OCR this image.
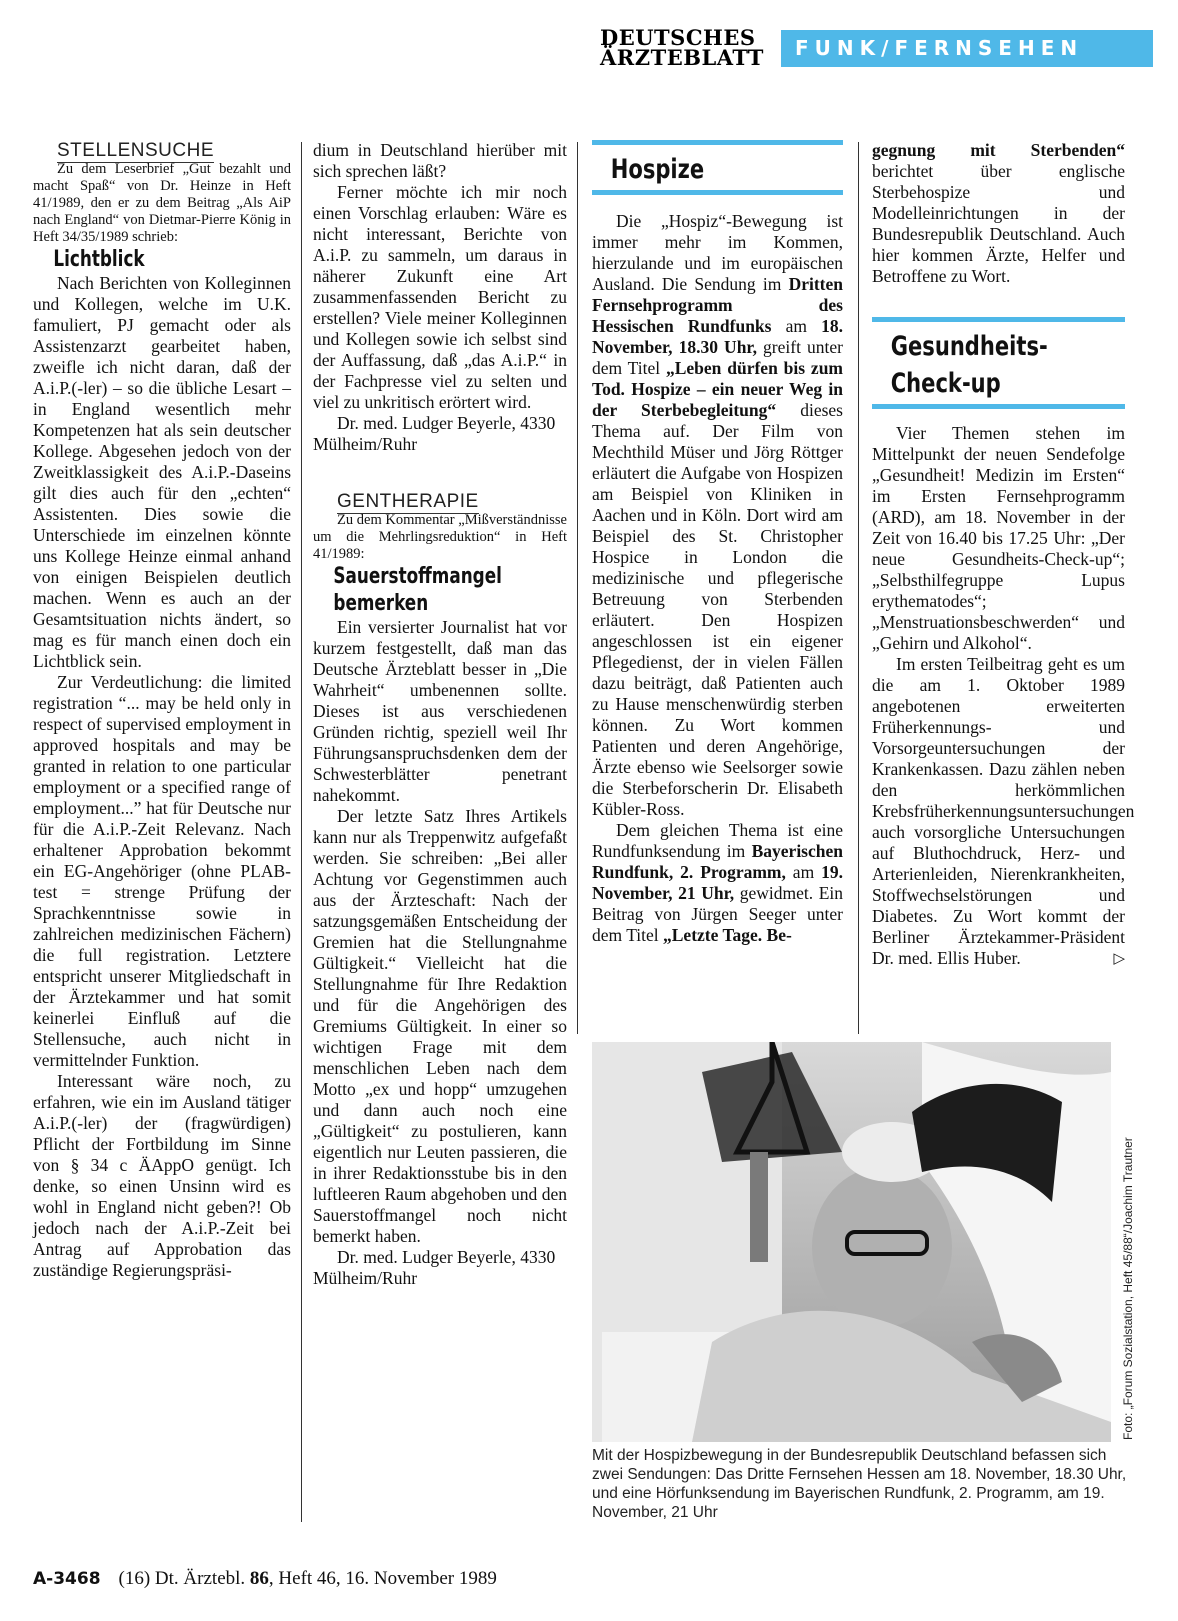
DEUTSCHES
ÄRZTEBLATT	FUNK/FERNSEHEN

STELLENSUCHE

Zu dem Leserbrief „Gut bezahlt und macht Spaß“ von Dr. Heinze in Heft 41/1989, den er zu dem Beitrag „Als AiP nach England“ von Dietmar-Pierre König in Heft 34/35/1989 schrieb:

Lichtblick

Nach Berichten von Kolleginnen und Kollegen, welche im U.K. famuliert, PJ gemacht oder als Assistenzarzt gearbeitet haben, zweifle ich nicht daran, daß der A.i.P.(-ler) – so die übliche Lesart – in England wesentlich mehr Kompetenzen hat als sein deutscher Kollege. Abgesehen jedoch von der Zweitklassigkeit des A.i.P.-Daseins gilt dies auch für den „echten“ Assistenten. Dies sowie die Unterschiede im einzelnen könnte uns Kollege Heinze einmal anhand von einigen Beispielen deutlich machen. Wenn es auch an der Gesamtsituation nichts ändert, so mag es für manch einen doch ein Lichtblick sein.

Zur Verdeutlichung: die limited registration “... may be held only in respect of supervised employment in approved hospitals and may be granted in relation to one particular employment or a specified range of employment...” hat für Deutsche nur für die A.i.P.-Zeit Relevanz. Nach erhaltener Approbation bekommt ein EG-Angehöriger (ohne PLAB-test = strenge Prüfung der Sprachkenntnisse sowie in zahlreichen medizinischen Fächern) die full registration. Letztere entspricht unserer Mitgliedschaft in der Ärztekammer und hat somit keinerlei Einfluß auf die Stellensuche, auch nicht in vermittelnder Funktion.

Interessant wäre noch, zu erfahren, wie ein im Ausland tätiger A.i.P.(-ler) der (fragwürdigen) Pflicht der Fortbildung im Sinne von § 34 c ÄAppO genügt. Ich denke, so einen Unsinn wird es wohl in England nicht geben?! Ob jedoch nach der A.i.P.-Zeit bei Antrag auf Approbation das zuständige Regierungspräsi-

dium in Deutschland hierüber mit sich sprechen läßt?

Ferner möchte ich mir noch einen Vorschlag erlauben: Wäre es nicht interessant, Berichte von A.i.P. zu sammeln, um daraus in näherer Zukunft eine Art zusammenfassenden Bericht zu erstellen? Viele meiner Kolleginnen und Kollegen sowie ich selbst sind der Auffassung, daß „das A.i.P.“ in der Fachpresse viel zu selten und viel zu unkritisch erörtert wird.

Dr. med. Ludger Beyerle, 4330 Mülheim/Ruhr

GENTHERAPIE

Zu dem Kommentar „Mißverständnisse um die Mehrlingsreduktion“ in Heft 41/1989:

Sauerstoffmangel

bemerken

Ein versierter Journalist hat vor kurzem festgestellt, daß man das Deutsche Ärzteblatt besser in „Die Wahrheit“ umbenennen sollte. Dieses ist aus verschiedenen Gründen richtig, speziell weil Ihr Führungsanspruchsdenken dem der Schwesterblätter penetrant nahekommt.

Der letzte Satz Ihres Artikels kann nur als Treppenwitz aufgefaßt werden. Sie schreiben: „Bei aller Achtung vor Gegenstimmen auch aus der Ärzteschaft: Nach der satzungsgemäßen Entscheidung der Gremien hat die Stellungnahme Gültigkeit.“ Vielleicht hat die Stellungnahme für Ihre Redaktion und für die Angehörigen des Gremiums Gültigkeit. In einer so wichtigen Frage mit dem menschlichen Leben nach dem Motto „ex und hopp“ umzugehen und dann auch noch eine „Gültigkeit“ zu postulieren, kann eigentlich nur Leuten passieren, die in ihrer Redaktionsstube bis in den luftleeren Raum abgehoben und den Sauerstoffmangel noch nicht bemerkt haben.

Dr. med. Ludger Beyerle, 4330 Mülheim/Ruhr

Hospize

Die „Hospiz“-Bewegung ist immer mehr im Kommen, hierzulande und im europäischen Ausland. Die Sendung im Dritten Fernsehprogramm des Hessischen Rundfunks am 18. November, 18.30 Uhr, greift unter dem Titel „Leben dürfen bis zum Tod. Hospize – ein neuer Weg in der Sterbebegleitung“ dieses Thema auf. Der Film von Mechthild Müser und Jörg Röttger erläutert die Aufgabe von Hospizen am Beispiel von Kliniken in Aachen und in Köln. Dort wird am Beispiel des St. Christopher Hospice in London die medizinische und pflegerische Betreuung von Sterbenden erläutert. Den Hospizen angeschlossen ist ein eigener Pflegedienst, der in vielen Fällen dazu beiträgt, daß Patienten auch zu Hause menschenwürdig sterben können. Zu Wort kommen Patienten und deren Angehörige, Ärzte ebenso wie Seelsorger sowie die Sterbeforscherin Dr. Elisabeth Kübler-Ross.

Dem gleichen Thema ist eine Rundfunksendung im Bayerischen Rundfunk, 2. Programm, am 19. November, 21 Uhr, gewidmet. Ein Beitrag von Jürgen Seeger unter dem Titel „Letzte Tage. Be-

gegnung mit Sterbenden“ berichtet über englische Sterbehospize und Modelleinrichtungen in der Bundesrepublik Deutschland. Auch hier kommen Ärzte, Helfer und Betroffene zu Wort.

Gesundheits-

Check-up

Vier Themen stehen im Mittelpunkt der neuen Sendefolge „Gesundheit! Medizin im Ersten“ im Ersten Fernsehprogramm (ARD), am 18. November in der Zeit von 16.40 bis 17.25 Uhr: „Der neue Gesundheits-Check-up“; „Selbsthilfegruppe Lupus erythematodes“; „Menstruationsbeschwerden“ und „Gehirn und Alkohol“.

Im ersten Teilbeitrag geht es um die am 1. Oktober 1989 angebotenen erweiterten Früherkennungs- und Vorsorgeuntersuchungen der Krankenkassen. Dazu zählen neben den herkömmlichen Krebsfrüherkennungsuntersuchungen auch vorsorgliche Untersuchungen auf Bluthochdruck, Herz- und Arterienleiden, Nierenkrankheiten, Stoffwechselstörungen und Diabetes. Zu Wort kommt der Berliner Ärztekammer-Präsident Dr. med. Ellis Huber.	▷

Foto: „Forum Sozialstation, Heft 45/88“/Joachim Trautner
Mit der Hospizbewegung in der Bundesrepublik Deutschland befassen sich zwei Sendungen: Das Dritte Fernsehen Hessen am 18. November, 18.30 Uhr, und eine Hörfunksendung im Bayerischen Rundfunk, 2. Programm, am 19. November, 21 Uhr
A-3468 (16) Dt. Ärztebl. 86, Heft 46, 16. November 1989
